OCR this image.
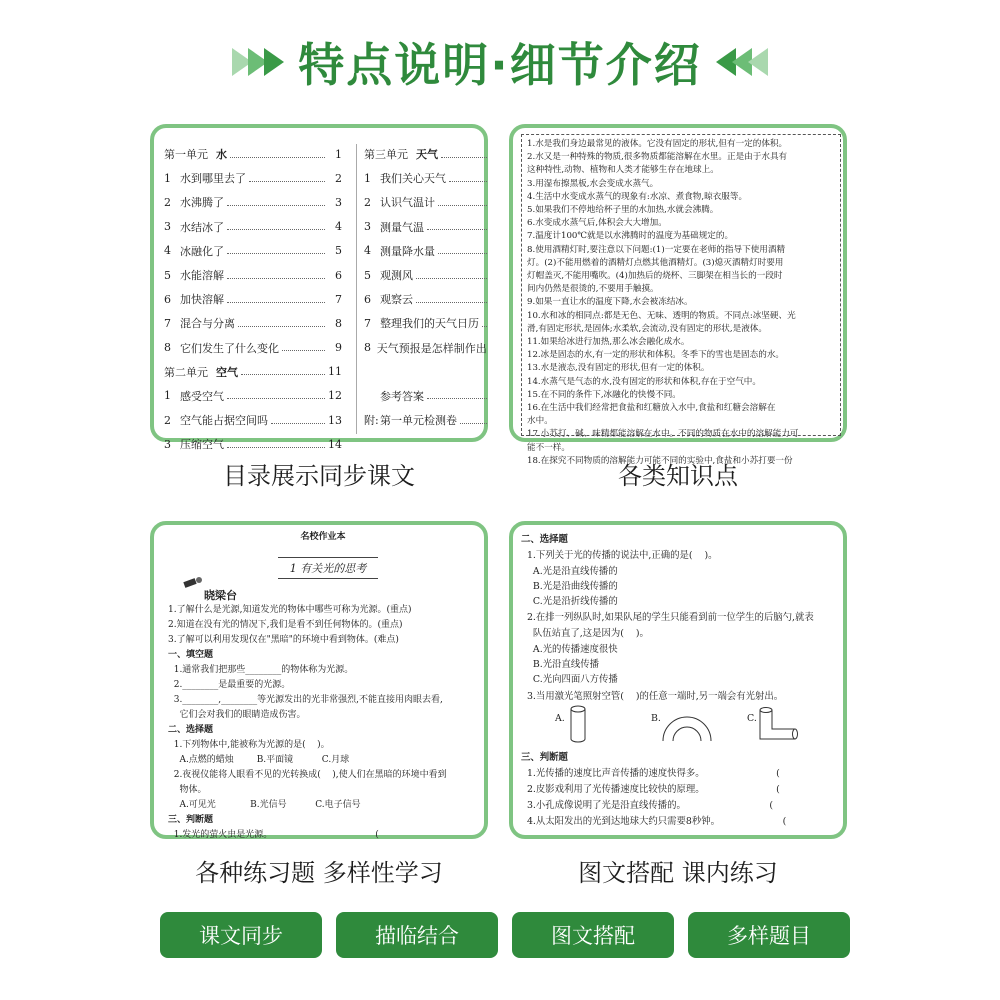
特点说明·细节介绍
第一单元 水	1
1 水到哪里去了	2
2 水沸腾了	3
3 水结冰了	4
4 冰融化了	5
5 水能溶解	6
6 加快溶解	7
7 混合与分离	8
8 它们发生了什么变化	9
第二单元 空气	11
1 感受空气	12
2 空气能占据空间吗	13
3 压缩空气	14
第三单元 天气
1 我们关心天气
2 认识气温计
3 测量气温
4 测量降水量
5 观测风
6 观察云
7 整理我们的天气日历
8 天气预报是怎样制作出
参考答案
附: 第一单元检测卷
目录展示同步课文
1.水是我们身边最常见的液体。它没有固定的形状,但有一定的体积。
2.水又是一种特殊的物质,很多物质都能溶解在水里。正是由于水具有
这种特性,动物、植物和人类才能够生存在地球上。
3.用湿布擦黑板,水会变成水蒸气。
4.生活中水变成水蒸气的现象有:水凉、煮食物,晾衣服等。
5.如果我们不停地给杯子里的水加热,水就会沸腾。
6.水变成水蒸气后,体积会大大增加。
7.温度计100℃就是以水沸腾时的温度为基础规定的。
8.使用酒精灯时,要注意以下问题:(1)一定要在老师的指导下使用酒精
灯。(2)不能用燃着的酒精灯点燃其他酒精灯。(3)熄灭酒精灯时要用
灯帽盖灭,不能用嘴吹。(4)加热后的烧杯、三脚架在相当长的一段时
间内仍然是很烫的,不要用手触摸。
9.如果一直让水的温度下降,水会被冻结冰。
10.水和冰的相同点:都是无色、无味、透明的物质。不同点:冰坚硬、光
滑,有固定形状,是固体;水柔软,会流动,没有固定的形状,是液体。
11.如果给冰进行加热,那么冰会融化成水。
12.冰是固态的水,有一定的形状和体积。冬季下的雪也是固态的水。
13.水是液态,没有固定的形状,但有一定的体积。
14.水蒸气是气态的水,没有固定的形状和体积,存在于空气中。
15.在不同的条件下,冰融化的快慢不同。
16.在生活中我们经常把食盐和红糖放入水中,食盐和红糖会溶解在
水中。
17.小苏打、碱、味精都能溶解在水中。不同的物质在水中的溶解能力可
能不一样。
18.在探究不同物质的溶解能力可能不同的实验中,食盐和小苏打要一份
各类知识点
名校作业本
1 有关光的思考
晓梁台
1.了解什么是光源,知道发光的物体中哪些可称为光源。(重点)
2.知道在没有光的情况下,我们是看不到任何物体的。(重点)
3.了解可以利用发现仅在"黑暗"的环境中看到物体。(难点)
一、填空题
1.通常我们把那些________的物体称为光源。
2.________是最重要的光源。
3.________,________等光源发出的光非常强烈,不能直接用肉眼去看,
它们会对我们的眼睛造成伤害。
二、选择题
1.下列物体中,能被称为光源的是(    )。
A.点燃的蜡烛        B.平面镜          C.月球
2.夜视仪能将人眼看不见的光转换成(    ),使人们在黑暗的环境中看到
物体。
A.可见光            B.光信号          C.电子信号
三、判断题
1.发光的萤火虫是光源。                                    (
各种练习题 多样性学习
二、选择题
1.下列关于光的传播的说法中,正确的是(    )。
A.光是沿直线传播的
B.光是沿曲线传播的
C.光是沿折线传播的
2.在排一列纵队时,如果队尾的学生只能看到前一位学生的后脑勺,就表
队伍站直了,这是因为(    )。
A.光的传播速度很快
B.光沿直线传播
C.光向四面八方传播
3.当用激光笔照射空管(    )的任意一端时,另一端会有光射出。
三、判断题
1.光传播的速度比声音传播的速度快得多。                        (
2.皮影戏利用了光传播速度比较快的原理。                        (
3.小孔成像说明了光是沿直线传播的。                            (
4.从太阳发出的光到达地球大约只需要8秒钟。                     (
A.	B.	C.
图文搭配 课内练习
课文同步	描临结合	图文搭配	多样题目
